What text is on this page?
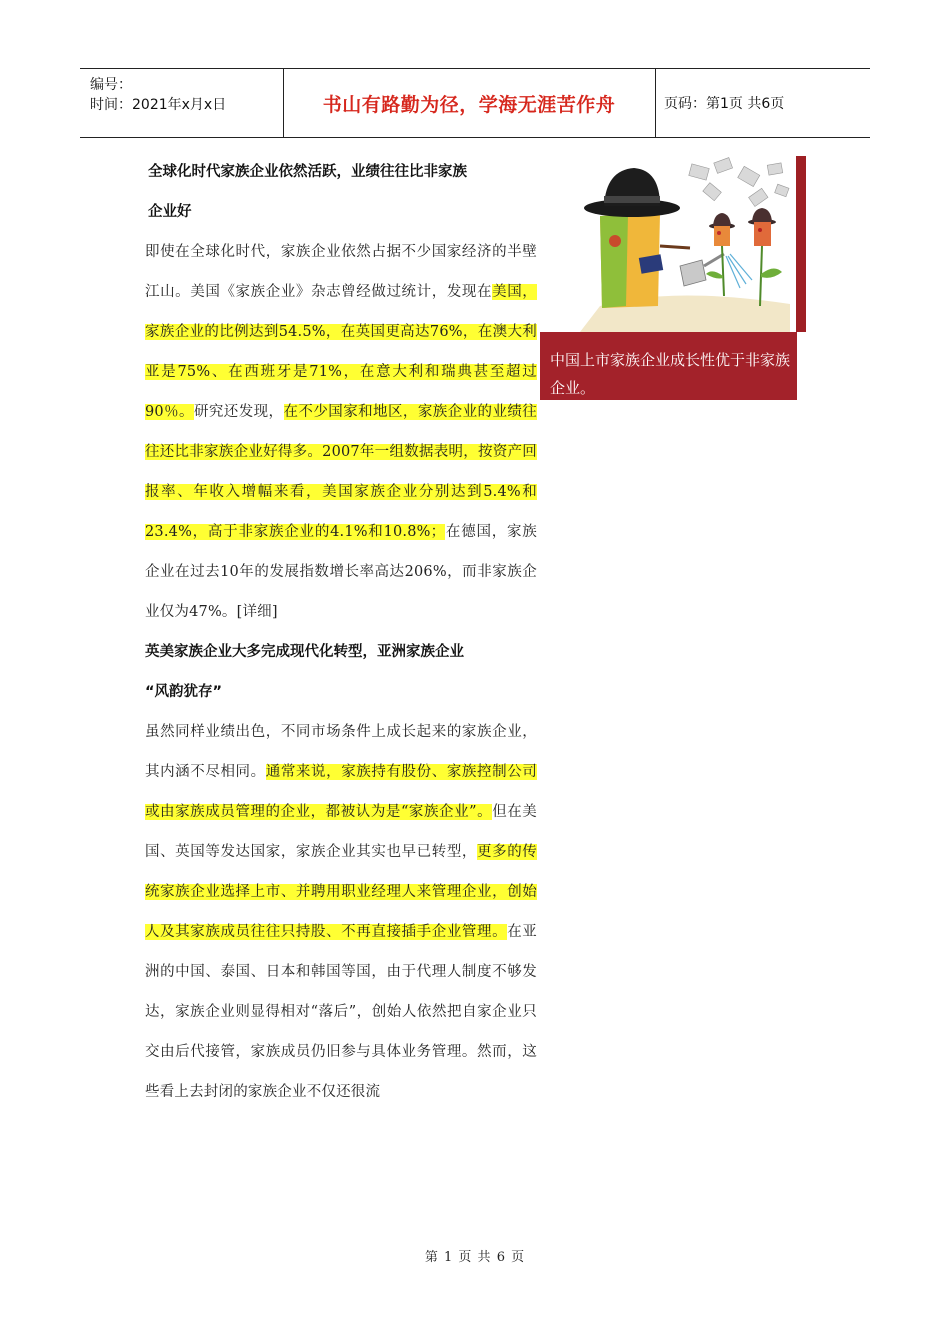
编号：
时间：2021年x月x日	书山有路勤为径，学海无涯苦作舟	页码：第1页 共6页

全球化时代家族企业依然活跃，业绩往往比非家族
企业好

即使在全球化时代，家族企业依然占据不少国家经济的半壁江山。美国《家族企业》杂志曾经做过统计，发现在美国，家族企业的比例达到54.5%，在英国更高达76%，在澳大利亚是75%、在西班牙是71%，在意大利和瑞典甚至超过90％。研究还发现，在不少国家和地区，家族企业的业绩往往还比非家族企业好得多。2007年一组数据表明，按资产回报率、年收入增幅来看，美国家族企业分别达到5.4%和23.4%，高于非家族企业的4.1%和10.8%；在德国，家族企业在过去10年的发展指数增长率高达206%，而非家族企业仅为47%。[详细]

英美家族企业大多完成现代化转型，亚洲家族企业
“风韵犹存”

虽然同样业绩出色，不同市场条件上成长起来的家族企业，其内涵不尽相同。通常来说，家族持有股份、家族控制公司或由家族成员管理的企业，都被认为是“家族企业”。但在美国、英国等发达国家，家族企业其实也早已转型，更多的传统家族企业选择上市、并聘用职业经理人来管理企业，创始人及其家族成员往往只持股、不再直接插手企业管理。在亚洲的中国、泰国、日本和韩国等国，由于代理人制度不够发达，家族企业则显得相对“落后”，创始人依然把自家企业只交由后代接管，家族成员仍旧参与具体业务管理。然而，这些看上去封闭的家族企业不仅还很流

中国上市家族企业成长性优于非家族企业。
第 1 页 共 6 页
